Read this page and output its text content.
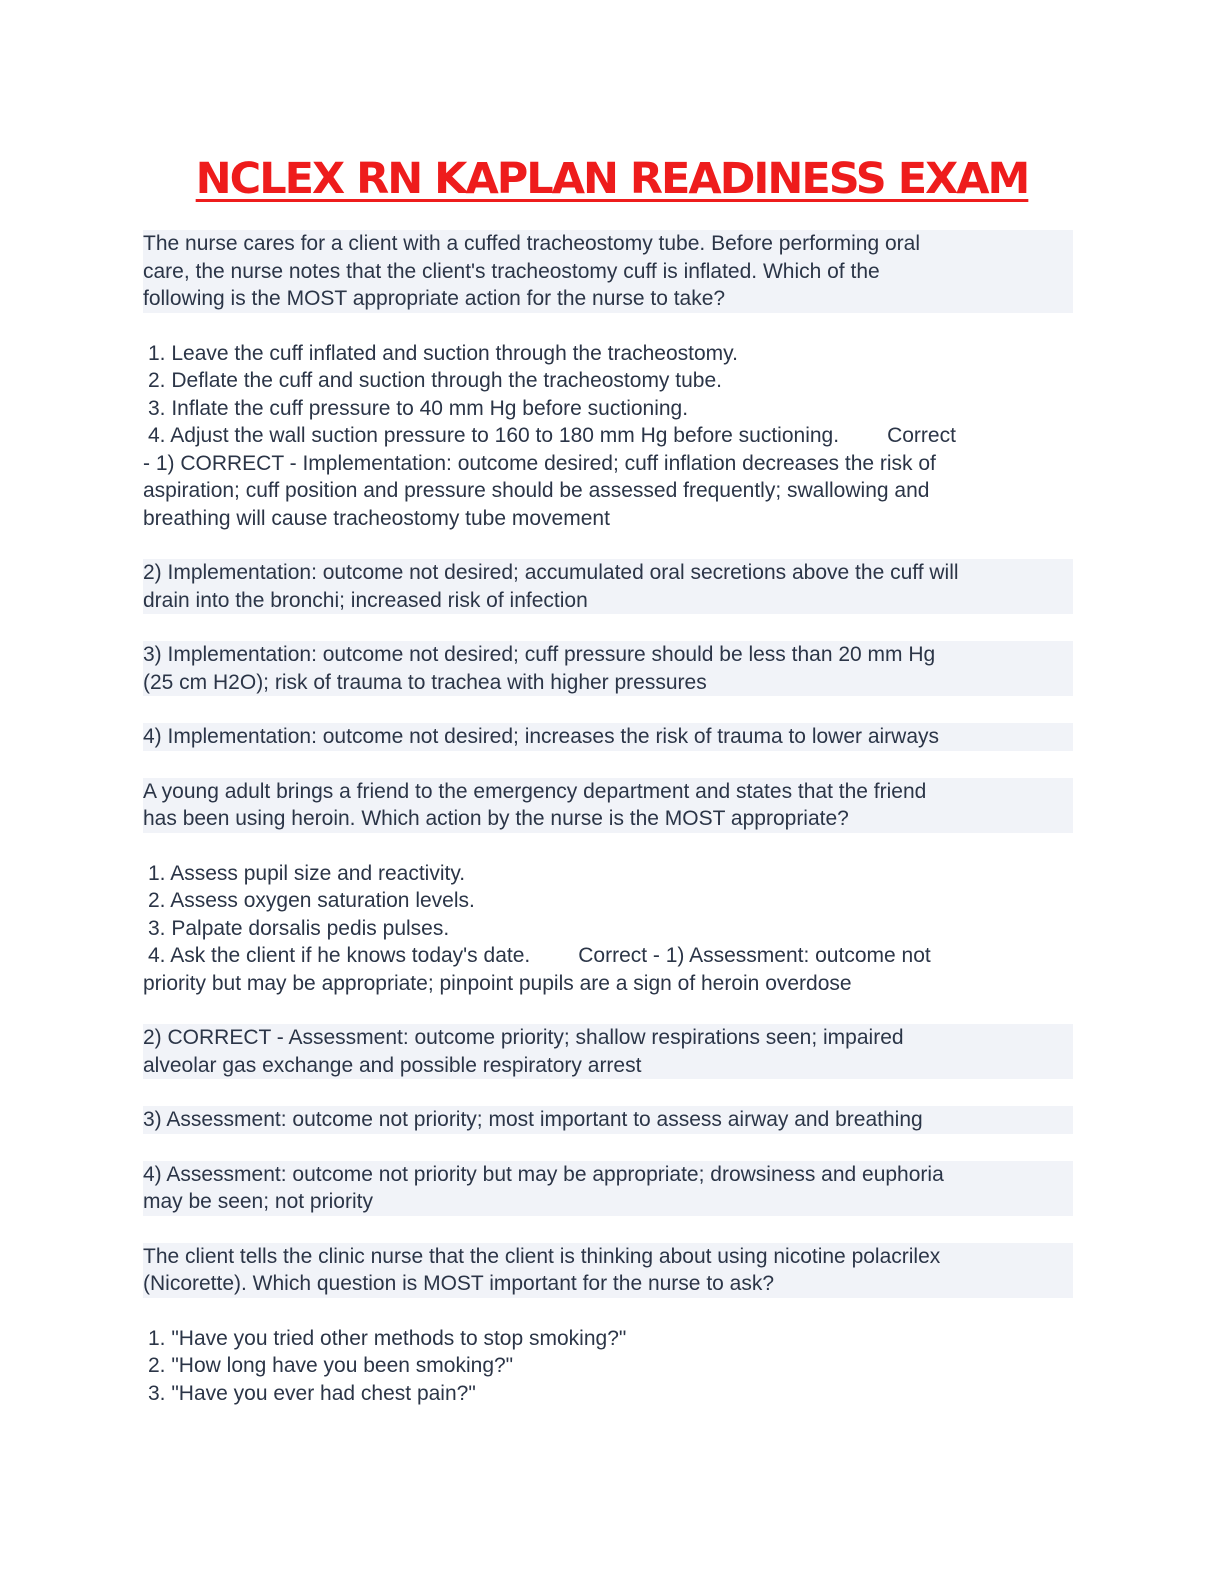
NCLEX RN KAPLAN READINESS EXAM
The nurse cares for a client with a cuffed tracheostomy tube. Before performing oral
care, the nurse notes that the client's tracheostomy cuff is inflated. Which of the
following is the MOST appropriate action for the nurse to take?
1. Leave the cuff inflated and suction through the tracheostomy.
2. Deflate the cuff and suction through the tracheostomy tube.
3. Inflate the cuff pressure to 40 mm Hg before suctioning.
4. Adjust the wall suction pressure to 160 to 180 mm Hg before suctioning. Correct
- 1) CORRECT - Implementation: outcome desired; cuff inflation decreases the risk of
aspiration; cuff position and pressure should be assessed frequently; swallowing and
breathing will cause tracheostomy tube movement
2) Implementation: outcome not desired; accumulated oral secretions above the cuff will
drain into the bronchi; increased risk of infection
3) Implementation: outcome not desired; cuff pressure should be less than 20 mm Hg
(25 cm H2O); risk of trauma to trachea with higher pressures
4) Implementation: outcome not desired; increases the risk of trauma to lower airways
A young adult brings a friend to the emergency department and states that the friend
has been using heroin. Which action by the nurse is the MOST appropriate?
1. Assess pupil size and reactivity.
2. Assess oxygen saturation levels.
3. Palpate dorsalis pedis pulses.
4. Ask the client if he knows today's date. Correct - 1) Assessment: outcome not
priority but may be appropriate; pinpoint pupils are a sign of heroin overdose
2) CORRECT - Assessment: outcome priority; shallow respirations seen; impaired
alveolar gas exchange and possible respiratory arrest
3) Assessment: outcome not priority; most important to assess airway and breathing
4) Assessment: outcome not priority but may be appropriate; drowsiness and euphoria
may be seen; not priority
The client tells the clinic nurse that the client is thinking about using nicotine polacrilex
(Nicorette). Which question is MOST important for the nurse to ask?
1. "Have you tried other methods to stop smoking?"
2. "How long have you been smoking?"
3. "Have you ever had chest pain?"
